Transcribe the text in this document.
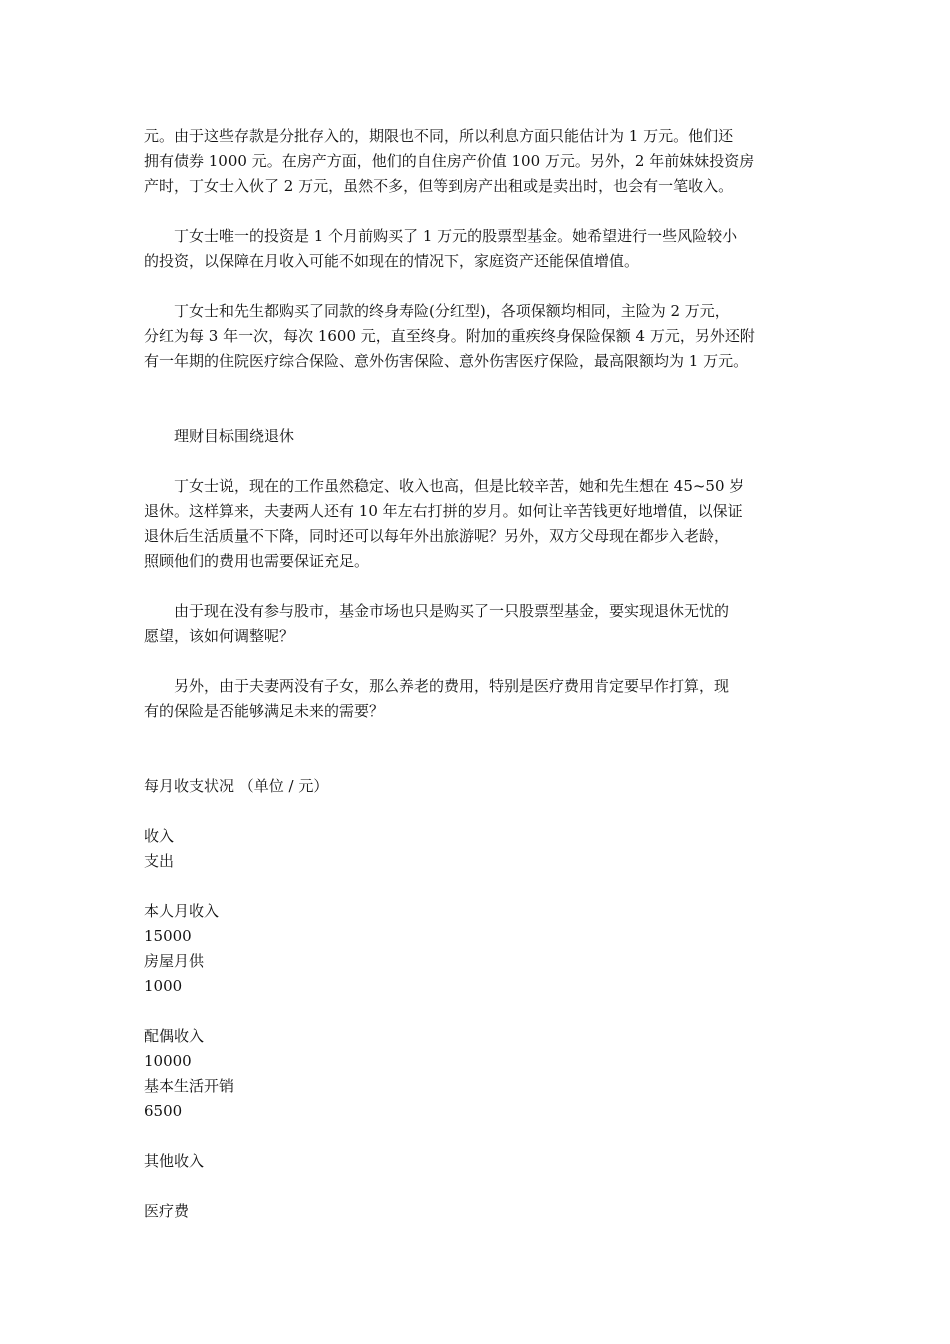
元。由于这些存款是分批存入的，期限也不同，所以利息方面只能估计为 1 万元。他们还
拥有债券 1000 元。在房产方面，他们的自住房产价值 100 万元。另外，2 年前妹妹投资房
产时，丁女士入伙了 2 万元，虽然不多，但等到房产出租或是卖出时，也会有一笔收入。
丁女士唯一的投资是 1 个月前购买了 1 万元的股票型基金。她希望进行一些风险较小
的投资，以保障在月收入可能不如现在的情况下，家庭资产还能保值增值。
丁女士和先生都购买了同款的终身寿险(分红型)，各项保额均相同，主险为 2 万元，
分红为每 3 年一次，每次 1600 元，直至终身。附加的重疾终身保险保额 4 万元，另外还附
有一年期的住院医疗综合保险、意外伤害保险、意外伤害医疗保险，最高限额均为 1 万元。
理财目标围绕退休
丁女士说，现在的工作虽然稳定、收入也高，但是比较辛苦，她和先生想在 45~50 岁
退休。这样算来，夫妻两人还有 10 年左右打拼的岁月。如何让辛苦钱更好地增值，以保证
退休后生活质量不下降，同时还可以每年外出旅游呢？另外，双方父母现在都步入老龄，
照顾他们的费用也需要保证充足。
由于现在没有参与股市，基金市场也只是购买了一只股票型基金，要实现退休无忧的
愿望，该如何调整呢？
另外，由于夫妻两没有子女，那么养老的费用，特别是医疗费用肯定要早作打算，现
有的保险是否能够满足未来的需要？
每月收支状况 （单位 / 元）
收入
支出
本人月收入
15000
房屋月供
1000
配偶收入
10000
基本生活开销
6500
其他收入
医疗费
